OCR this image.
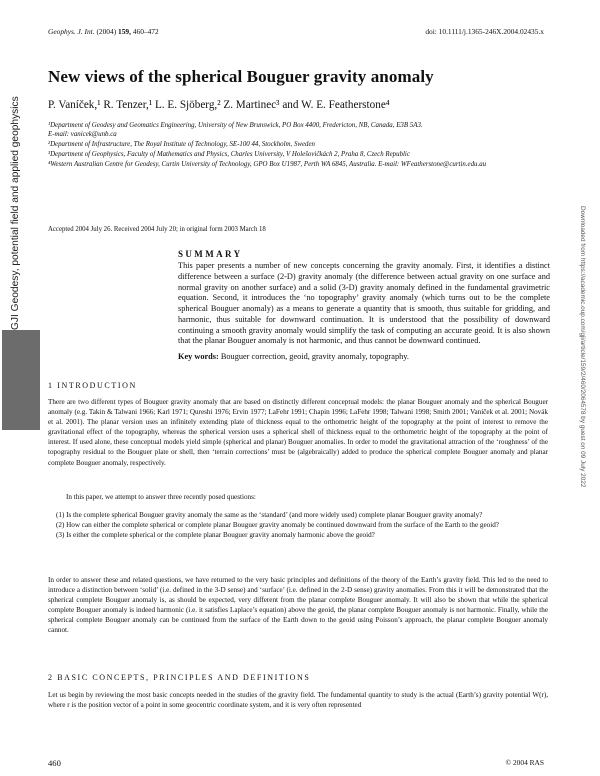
GJI Geodesy, potential field and applied geophysics	Downloaded from https://academic.oup.com/gji/article/159/2/460/2064578 by guest on 09 July 2022
Geophys. J. Int. (2004) 159, 460–472	doi: 10.1111/j.1365-246X.2004.02435.x
New views of the spherical Bouguer gravity anomaly
P. Vaníček,¹ R. Tenzer,¹ L. E. Sjöberg,² Z. Martinec³ and W. E. Featherstone⁴
¹Department of Geodesy and Geomatics Engineering, University of New Brunswick, PO Box 4400, Fredericton, NB, Canada, E3B 5A3.
E-mail: vanicek@unb.ca
²Department of Infrastructure, The Royal Institute of Technology, SE-100 44, Stockholm, Sweden
³Department of Geophysics, Faculty of Mathematics and Physics, Charles University, V Holešovičkách 2, Praha 8, Czech Republic
⁴Western Australian Centre for Geodesy, Curtin University of Technology, GPO Box U1987, Perth WA 6845, Australia. E-mail: WFeatherstone@curtin.edu.au
Accepted 2004 July 26. Received 2004 July 20; in original form 2003 March 18
SUMMARY

This paper presents a number of new concepts concerning the gravity anomaly. First, it identifies a distinct difference between a surface (2-D) gravity anomaly (the difference between actual gravity on one surface and normal gravity on another surface) and a solid (3-D) gravity anomaly defined in the fundamental gravimetric equation. Second, it introduces the ‘no topography’ gravity anomaly (which turns out to be the complete spherical Bouguer anomaly) as a means to generate a quantity that is smooth, thus suitable for gridding, and harmonic, thus suitable for downward continuation. It is understood that the possibility of downward continuing a smooth gravity anomaly would simplify the task of computing an accurate geoid. It is also shown that the planar Bouguer anomaly is not harmonic, and thus cannot be downward continued.

Key words: Bouguer correction, geoid, gravity anomaly, topography.
1 INTRODUCTION

There are two different types of Bouguer gravity anomaly that are based on distinctly different conceptual models: the planar Bouguer anomaly and the spherical Bouguer anomaly (e.g. Takin & Talwani 1966; Karl 1971; Qureshi 1976; Ervin 1977; LaFehr 1991; Chapin 1996; LaFehr 1998; Talwani 1998; Smith 2001; Vaníček et al. 2001; Novák et al. 2001). The planar version uses an infinitely extending plate of thickness equal to the orthometric height of the topography at the point of interest to remove the gravitational effect of the topography, whereas the spherical version uses a spherical shell of thickness equal to the orthometric height of the topography at the point of interest. If used alone, these conceptual models yield simple (spherical and planar) Bouguer anomalies. In order to model the gravitational attraction of the ‘roughness’ of the topography residual to the Bouguer plate or shell, then ‘terrain corrections’ must be (algebraically) added to produce the spherical complete Bouguer anomaly and planar complete Bouguer anomaly, respectively.

In this paper, we attempt to answer three recently posed questions:

(1) Is the complete spherical Bouguer gravity anomaly the same as the ‘standard’ (and more widely used) complete planar Bouguer gravity anomaly?
(2) How can either the complete spherical or complete planar Bouguer gravity anomaly be continued downward from the surface of the Earth to the geoid?
(3) Is either the complete spherical or the complete planar Bouguer gravity anomaly harmonic above the geoid?

In order to answer these and related questions, we have returned to the very basic principles and definitions of the theory of the Earth’s gravity field. This led to the need to introduce a distinction between ‘solid’ (i.e. defined in the 3-D sense) and ‘surface’ (i.e. defined in the 2-D sense) gravity anomalies. From this it will be demonstrated that the spherical complete Bouguer anomaly is, as should be expected, very different from the planar complete Bouguer anomaly. It will also be shown that while the spherical complete Bouguer anomaly is indeed harmonic (i.e. it satisfies Laplace’s equation) above the geoid, the planar complete Bouguer anomaly is not harmonic. Finally, while the spherical complete Bouguer anomaly can be continued from the surface of the Earth down to the geoid using Poisson’s approach, the planar complete Bouguer anomaly cannot.

2 BASIC CONCEPTS, PRINCIPLES AND DEFINITIONS

Let us begin by reviewing the most basic concepts needed in the studies of the gravity field. The fundamental quantity to study is the actual (Earth’s) gravity potential W(r), where r is the position vector of a point in some geocentric coordinate system, and it is very often represented

460	© 2004 RAS
